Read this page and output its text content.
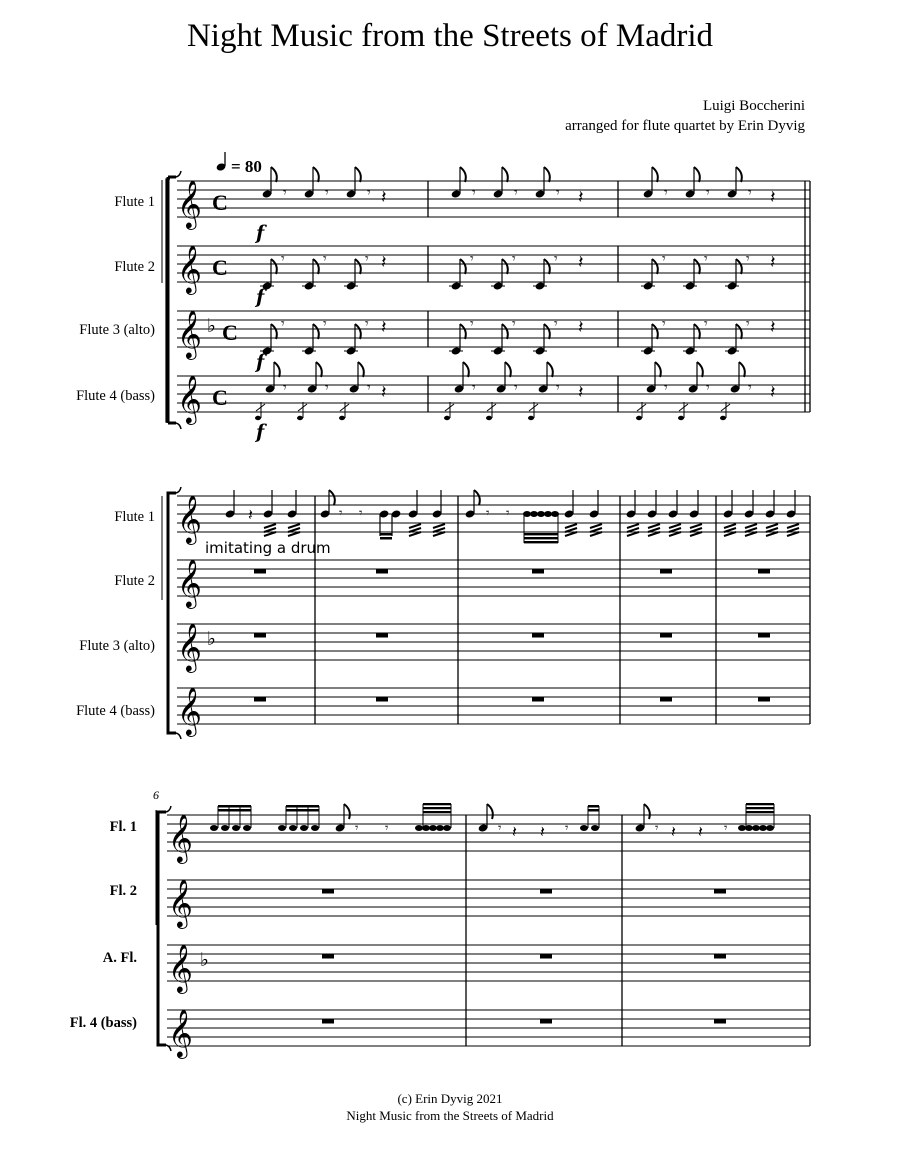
Night Music from the Streets of Madrid
Luigi Boccherini
arranged for flute quartet by Erin Dyvig
= 80
Flute 1
Flute 2
Flute 3 (alto)
Flute 4 (bass)
𝄞 C
f
𝄾	𝄾	𝄾 𝄽	𝄾	𝄾	𝄾 𝄽	𝄾	𝄾	𝄾 𝄽
𝄞 C
f
𝄾	𝄾	𝄾 𝄽	𝄾	𝄾	𝄾 𝄽	𝄾	𝄾	𝄾 𝄽
𝄞 ♭ C
f
𝄾	𝄾	𝄾 𝄽	𝄾	𝄾	𝄾 𝄽	𝄾	𝄾	𝄾 𝄽
𝄞 C
f
𝄾	𝄾	𝄾 𝄽	𝄾	𝄾	𝄾 𝄽	𝄾	𝄾	𝄾 𝄽
Flute 1
Flute 2
Flute 3 (alto)
Flute 4 (bass)
𝄞
𝄞
𝄞 ♭
𝄞
𝄽	𝄾 𝄾	𝄾 𝄾
imitating a drum
6
Fl. 1
Fl. 2
A. Fl.
Fl. 4 (bass)
𝄞
𝄞
𝄞 ♭
𝄞
𝄾 𝄾	𝄾 𝄽 𝄽 𝄾	𝄾 𝄽 𝄽 𝄾
(c) Erin Dyvig 2021
Night Music from the Streets of Madrid
